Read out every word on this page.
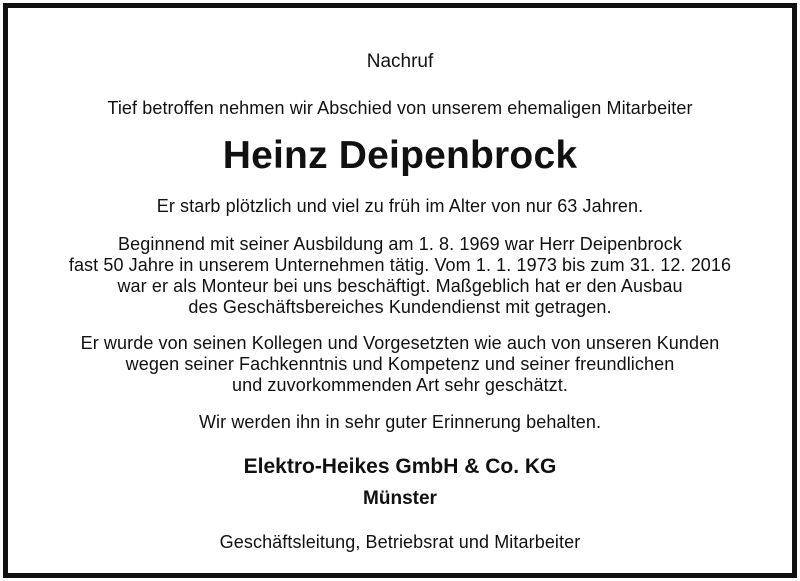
Nachruf
Tief betroffen nehmen wir Abschied von unserem ehemaligen Mitarbeiter
Heinz Deipenbrock
Er starb plötzlich und viel zu früh im Alter von nur 63 Jahren.
Beginnend mit seiner Ausbildung am 1. 8. 1969 war Herr Deipenbrock
fast 50 Jahre in unserem Unternehmen tätig. Vom 1. 1. 1973 bis zum 31. 12. 2016
war er als Monteur bei uns beschäftigt. Maßgeblich hat er den Ausbau
des Geschäftsbereiches Kundendienst mit getragen.
Er wurde von seinen Kollegen und Vorgesetzten wie auch von unseren Kunden
wegen seiner Fachkenntnis und Kompetenz und seiner freundlichen
und zuvorkommenden Art sehr geschätzt.
Wir werden ihn in sehr guter Erinnerung behalten.
Elektro-Heikes GmbH & Co. KG
Münster
Geschäftsleitung, Betriebsrat und Mitarbeiter
